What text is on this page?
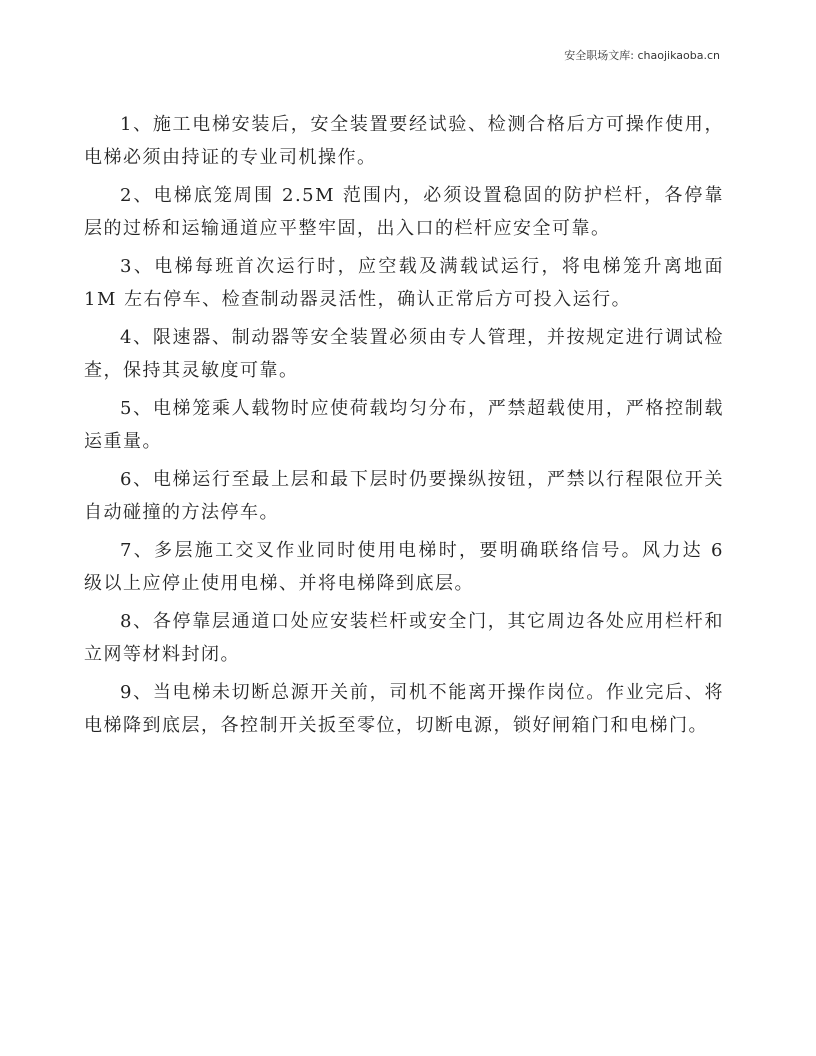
安全职场文库: chaojikaoba.cn

1、施工电梯安装后，安全装置要经试验、检测合格后方可操作使用，电梯必须由持证的专业司机操作。

2、电梯底笼周围 2.5M 范围内，必须设置稳固的防护栏杆，各停靠层的过桥和运输通道应平整牢固，出入口的栏杆应安全可靠。

3、电梯每班首次运行时，应空载及满载试运行，将电梯笼升离地面 1M 左右停车、检查制动器灵活性，确认正常后方可投入运行。

4、限速器、制动器等安全装置必须由专人管理，并按规定进行调试检查，保持其灵敏度可靠。

5、电梯笼乘人载物时应使荷载均匀分布，严禁超载使用，严格控制载运重量。

6、电梯运行至最上层和最下层时仍要操纵按钮，严禁以行程限位开关自动碰撞的方法停车。

7、多层施工交叉作业同时使用电梯时，要明确联络信号。风力达 6 级以上应停止使用电梯、并将电梯降到底层。

8、各停靠层通道口处应安装栏杆或安全门，其它周边各处应用栏杆和立网等材料封闭。

9、当电梯未切断总源开关前，司机不能离开操作岗位。作业完后、将电梯降到底层，各控制开关扳至零位，切断电源，锁好闸箱门和电梯门。
